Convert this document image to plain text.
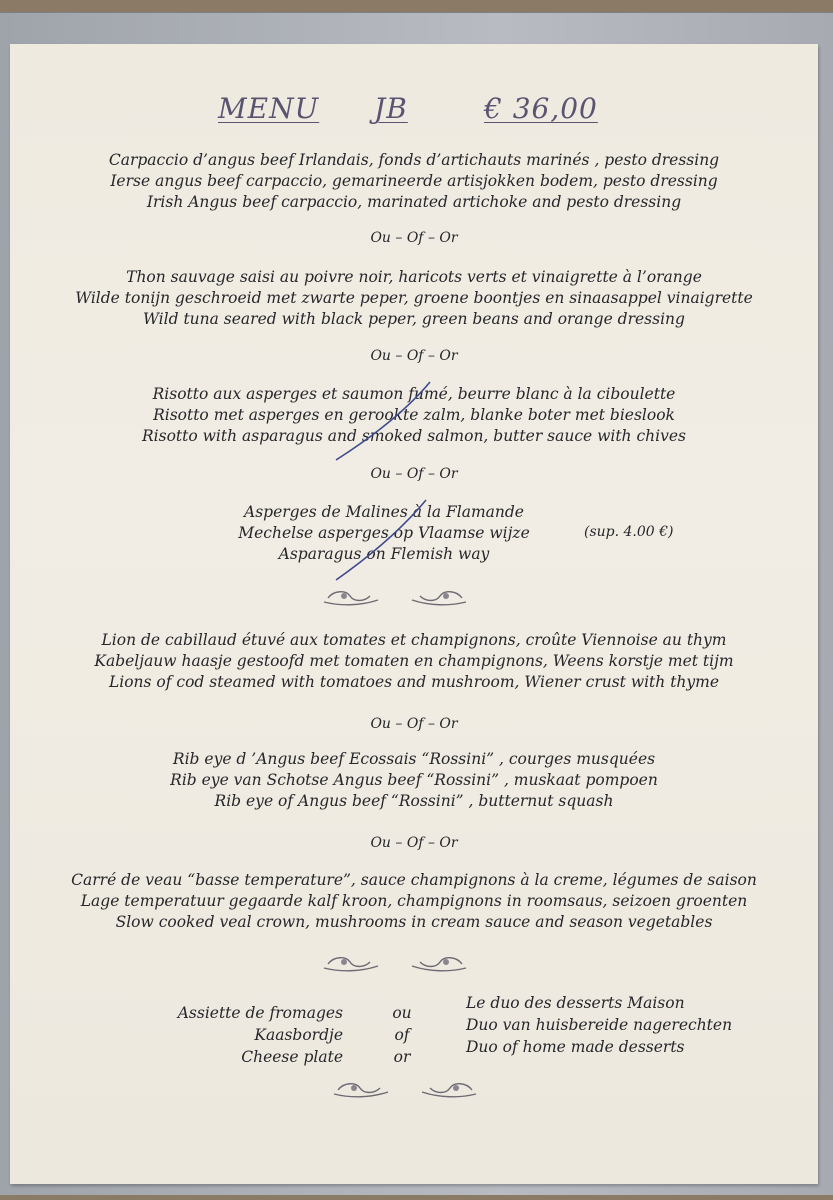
MENU JB	€ 36,00
Carpaccio d’angus beef Irlandais, fonds d’artichauts marinés , pesto dressing
Ierse angus beef carpaccio, gemarineerde artisjokken bodem, pesto dressing
Irish Angus beef carpaccio, marinated artichoke and pesto dressing
Ou – Of – Or
Thon sauvage saisi au poivre noir, haricots verts et vinaigrette à l’orange
Wilde tonijn geschroeid met zwarte peper, groene boontjes en sinaasappel vinaigrette
Wild tuna seared with black peper, green beans and orange dressing
Ou – Of – Or
Risotto aux asperges et saumon fumé, beurre blanc à la ciboulette
Risotto met asperges en gerookte zalm, blanke boter met bieslook
Risotto with asparagus and smoked salmon, butter sauce with chives
Ou – Of – Or
Asperges de Malines à la Flamande
Mechelse asperges op Vlaamse wijze
Asparagus on Flemish way
(sup. 4.00 €)
Lion de cabillaud étuvé aux tomates et champignons, croûte Viennoise au thym
Kabeljauw haasje gestoofd met tomaten en champignons, Weens korstje met tijm
Lions of cod steamed with tomatoes and mushroom, Wiener crust with thyme
Ou – Of – Or
Rib eye d ’Angus beef Ecossais “Rossini” , courges musquées
Rib eye van Schotse Angus beef “Rossini” , muskaat pompoen
Rib eye of Angus beef “Rossini” , butternut squash
Ou – Of – Or
Carré de veau “basse temperature”, sauce champignons à la creme, légumes de saison
Lage temperatuur gegaarde kalf kroon, champignons in roomsaus, seizoen groenten
Slow cooked veal crown, mushrooms in cream sauce and season vegetables
Assiette de fromages
Kaasbordje
Cheese plate
ou
of
or
Le duo des desserts Maison
Duo van huisbereide nagerechten
Duo of home made desserts
